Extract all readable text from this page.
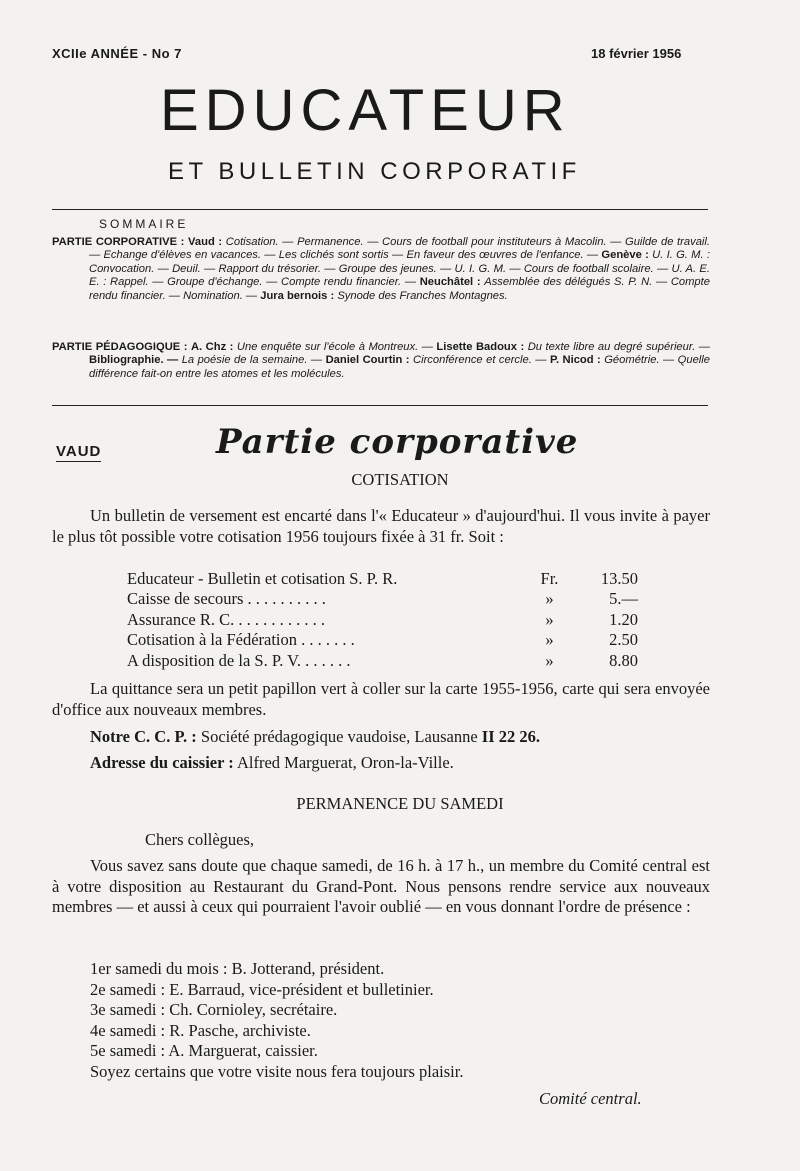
XCIIe ANNÉE - No 7	18 février 1956
EDUCATEUR
ET BULLETIN CORPORATIF
SOMMAIRE

PARTIE CORPORATIVE : Vaud : Cotisation. — Permanence. — Cours de football pour instituteurs à Macolin. — Guilde de travail. — Echange d'élèves en vacances. — Les clichés sont sortis — En faveur des œuvres de l'enfance. — Genève : U. I. G. M. : Convocation. — Deuil. — Rapport du trésorier. — Groupe des jeunes. — U. I. G. M. — Cours de football scolaire. — U. A. E. E. : Rappel. — Groupe d'échange. — Compte rendu financier. — Neuchâtel : Assemblée des délégués S. P. N. — Compte rendu financier. — Nomination. — Jura bernois : Synode des Franches Montagnes.

PARTIE PÉDAGOGIQUE : A. Chz : Une enquête sur l'école à Montreux. — Lisette Badoux : Du texte libre au degré supérieur. — Bibliographie. — La poésie de la semaine. — Daniel Courtin : Circonférence et cercle. — P. Nicod : Géométrie. — Quelle différence fait-on entre les atomes et les molécules.

VAUD	Partie corporative
COTISATION

Un bulletin de versement est encarté dans l'« Educateur » d'aujourd'hui. Il vous invite à payer le plus tôt possible votre cotisation 1956 toujours fixée à 31 fr. Soit :

Educateur - Bulletin et cotisation S. P. R.	Fr.	13.50
Caisse de secours . . . . . . . . . .	»	5.—
Assurance R. C. . . . . . . . . . . .	»	1.20
Cotisation à la Fédération . . . . . . .	»	2.50
A disposition de la S. P. V. . . . . . .	»	8.80

La quittance sera un petit papillon vert à coller sur la carte 1955-1956, carte qui sera envoyée d'office aux nouveaux membres.

Notre C. C. P. : Société prédagogique vaudoise, Lausanne II 22 26.
Adresse du caissier : Alfred Marguerat, Oron-la-Ville.
PERMANENCE DU SAMEDI
Chers collègues,

Vous savez sans doute que chaque samedi, de 16 h. à 17 h., un membre du Comité central est à votre disposition au Restaurant du Grand-Pont. Nous pensons rendre service aux nouveaux membres — et aussi à ceux qui pourraient l'avoir oublié — en vous donnant l'ordre de présence :

1er samedi du mois : B. Jotterand, président.

2e samedi : E. Barraud, vice-président et bulletinier.

3e samedi : Ch. Cornioley, secrétaire.

4e samedi : R. Pasche, archiviste.

5e samedi : A. Marguerat, caissier.

Soyez certains que votre visite nous fera toujours plaisir.

Comité central.
